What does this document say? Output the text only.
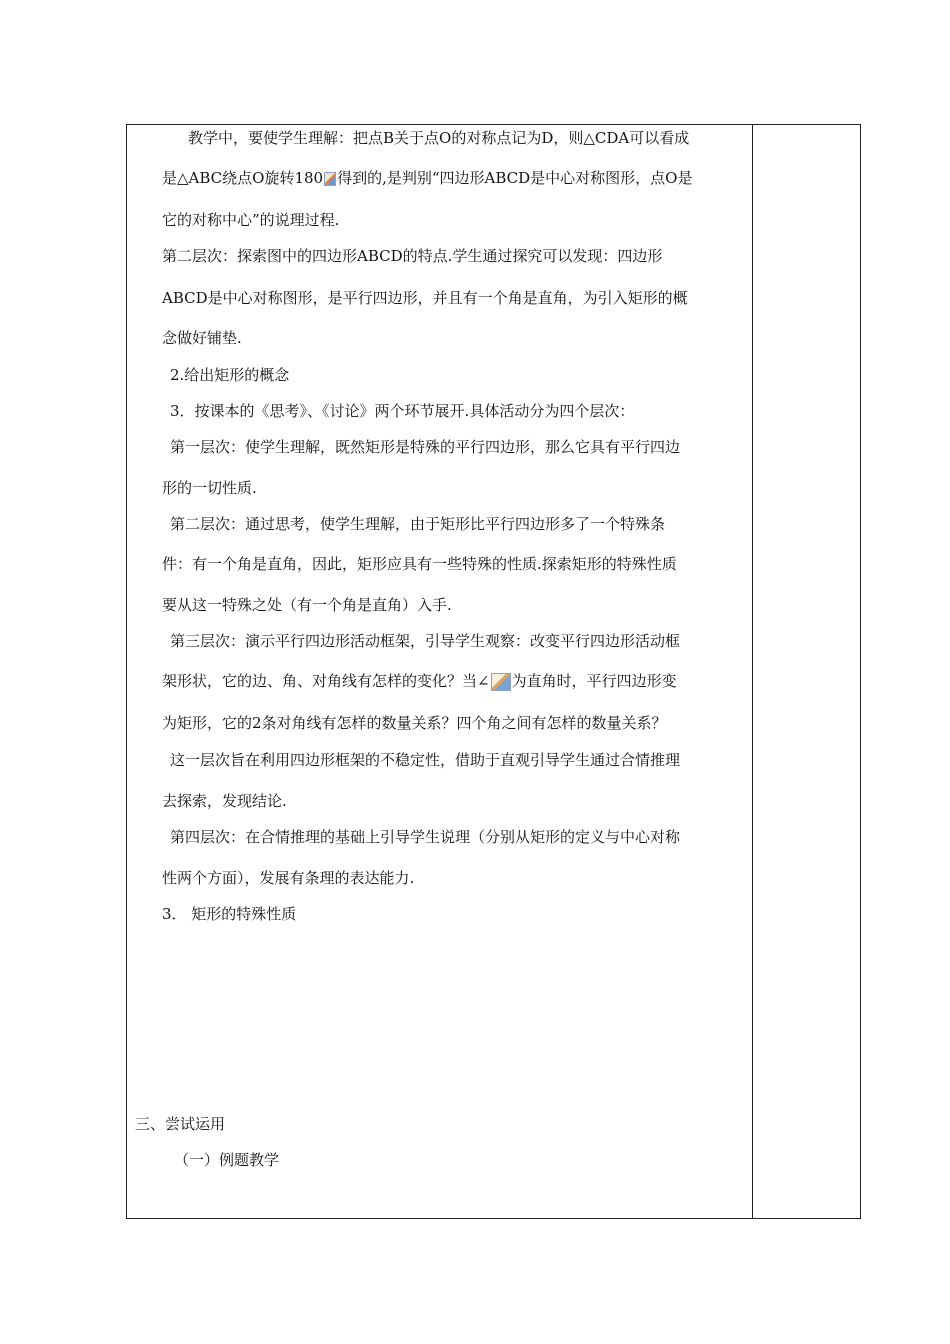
教学中，要使学生理解：把点B关于点O的对称点记为D，则△CDA可以看成
是△ABC绕点O旋转180 得到的,是判别“四边形ABCD是中心对称图形，点O是
它的对称中心”的说理过程.
第二层次：探索图中的四边形ABCD的特点.学生通过探究可以发现：四边形
ABCD是中心对称图形，是平行四边形，并且有一个角是直角，为引入矩形的概
念做好铺垫.
2.给出矩形的概念
3．按课本的《思考》、《讨论》两个环节展开.具体活动分为四个层次：
第一层次：使学生理解，既然矩形是特殊的平行四边形，那么它具有平行四边
形的一切性质.
第二层次：通过思考，使学生理解，由于矩形比平行四边形多了一个特殊条
件：有一个角是直角，因此，矩形应具有一些特殊的性质.探索矩形的特殊性质
要从这一特殊之处（有一个角是直角）入手.
第三层次：演示平行四边形活动框架，引导学生观察：改变平行四边形活动框
架形状，它的边、角、对角线有怎样的变化？当∠ 为直角时，平行四边形变
为矩形，它的2条对角线有怎样的数量关系？四个角之间有怎样的数量关系？
这一层次旨在利用四边形框架的不稳定性，借助于直观引导学生通过合情推理
去探索，发现结论.
第四层次：在合情推理的基础上引导学生说理（分别从矩形的定义与中心对称
性两个方面），发展有条理的表达能力.
3． 矩形的特殊性质
三、尝试运用
（一）例题教学
